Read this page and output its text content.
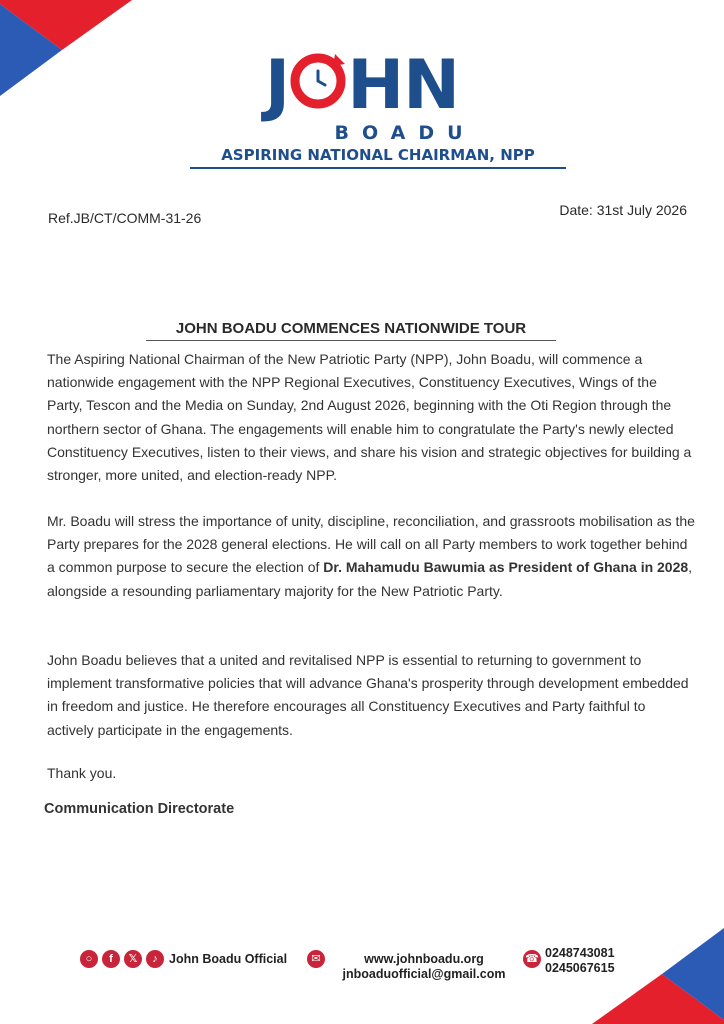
J HN
BOADU
ASPIRING NATIONAL CHAIRMAN, NPP
Ref.JB/CT/COMM-31-26	Date: 31st July 2026
JOHN BOADU COMMENCES NATIONWIDE TOUR
The Aspiring National Chairman of the New Patriotic Party (NPP), John Boadu, will commence a nationwide engagement with the NPP Regional Executives, Constituency Executives, Wings of the Party, Tescon and the Media on Sunday, 2nd August 2026, beginning with the Oti Region through the northern sector of Ghana. The engagements will enable him to congratulate the Party's newly elected Constituency Executives, listen to their views, and share his vision and strategic objectives for building a stronger, more united, and election-ready NPP.
Mr. Boadu will stress the importance of unity, discipline, reconciliation, and grassroots mobilisation as the Party prepares for the 2028 general elections. He will call on all Party members to work together behind a common purpose to secure the election of Dr. Mahamudu Bawumia as President of Ghana in 2028, alongside a resounding parliamentary majority for the New Patriotic Party.
John Boadu believes that a united and revitalised NPP is essential to returning to government to implement transformative policies that will advance Ghana's prosperity through development embedded in freedom and justice. He therefore encourages all Constituency Executives and Party faithful to actively participate in the engagements.
Thank you.
Communication Directorate
○ f 𝕏 ♪ John Boadu Official	✉	www.johnboadu.org
jnboaduofficial@gmail.com
☎ 0248743081
0245067615
